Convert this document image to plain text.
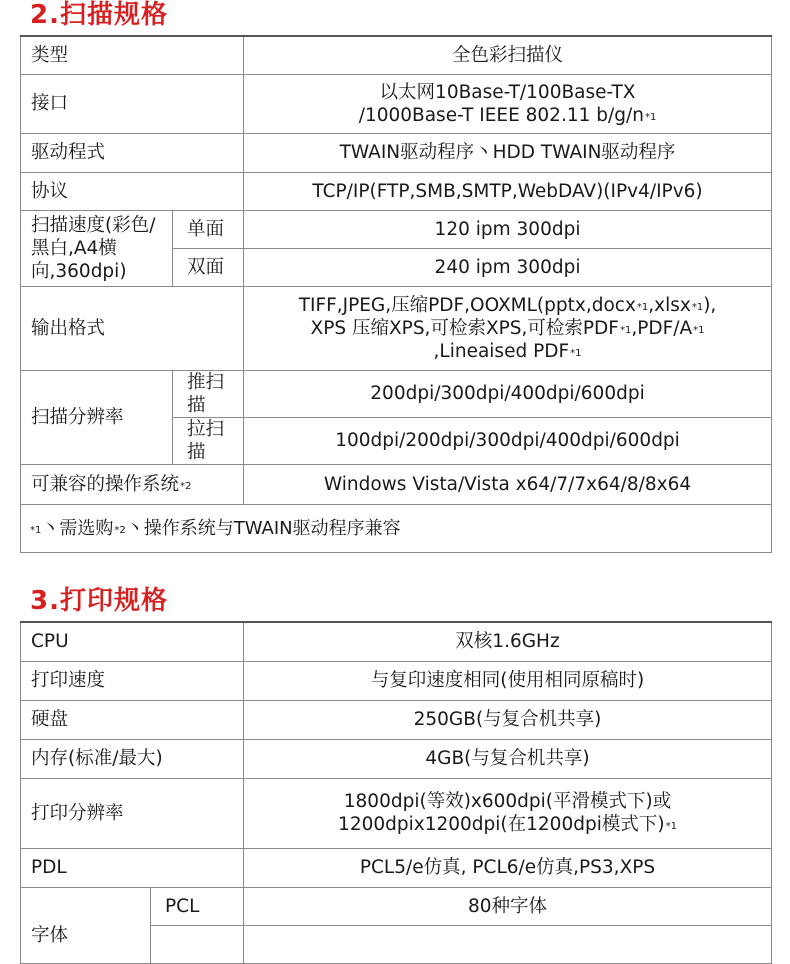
2.扫描规格
类型		全色彩扫描仪
接口		以太网10Base-T/100Base-TX
/1000Base-T IEEE 802.11 $b/g/n^{*1}$
驱动程式		TWAIN驱动程序丶HDD TWAIN驱动程序
协议		TCP/IP(FTP,SMB,SMTP,WebDAV)(IPv4/IPv6)
扫描速度(彩色/黑白,A4横向,360dpi)	单面	120 ipm 300dpi
	双面	240 ipm 300dpi
输出格式		TIFF,JPEG,压缩PDF,OOXML(pptx,docx$^{*1}$,xlsx$^{*1}$),
XPS 压缩XPS,可检索XPS,可检索$PDF^{*1},PDF/A^{*1}$
,Lineaised PDF$^{*1}$
扫描分辨率	推扫描	200dpi/300dpi/400dpi/600dpi
	拉扫描	100dpi/200dpi/300dpi/400dpi/600dpi
可兼容的操作系统$^{*2}$		Windows Vista/Vista x64/7/7x64/8/8x64
$^{*1}$丶需选购$^{*2}$丶操作系统与TWAIN驱动程序兼容		
3.打印规格
CPU		双核1.6GHz
打印速度		与复印速度相同(使用相同原稿时)
硬盘		250GB(与复合机共享)
内存(标准/最大)		4GB(与复合机共享)
打印分辨率		1800dpi(等效)x600dpi(平滑模式下)或
1200dpix1200dpi(在1200dpi模式下)$^{*1}$
PDL		PCL5/e仿真, PCL6/e仿真,PS3,XPS
字体	PCL	80种字体
